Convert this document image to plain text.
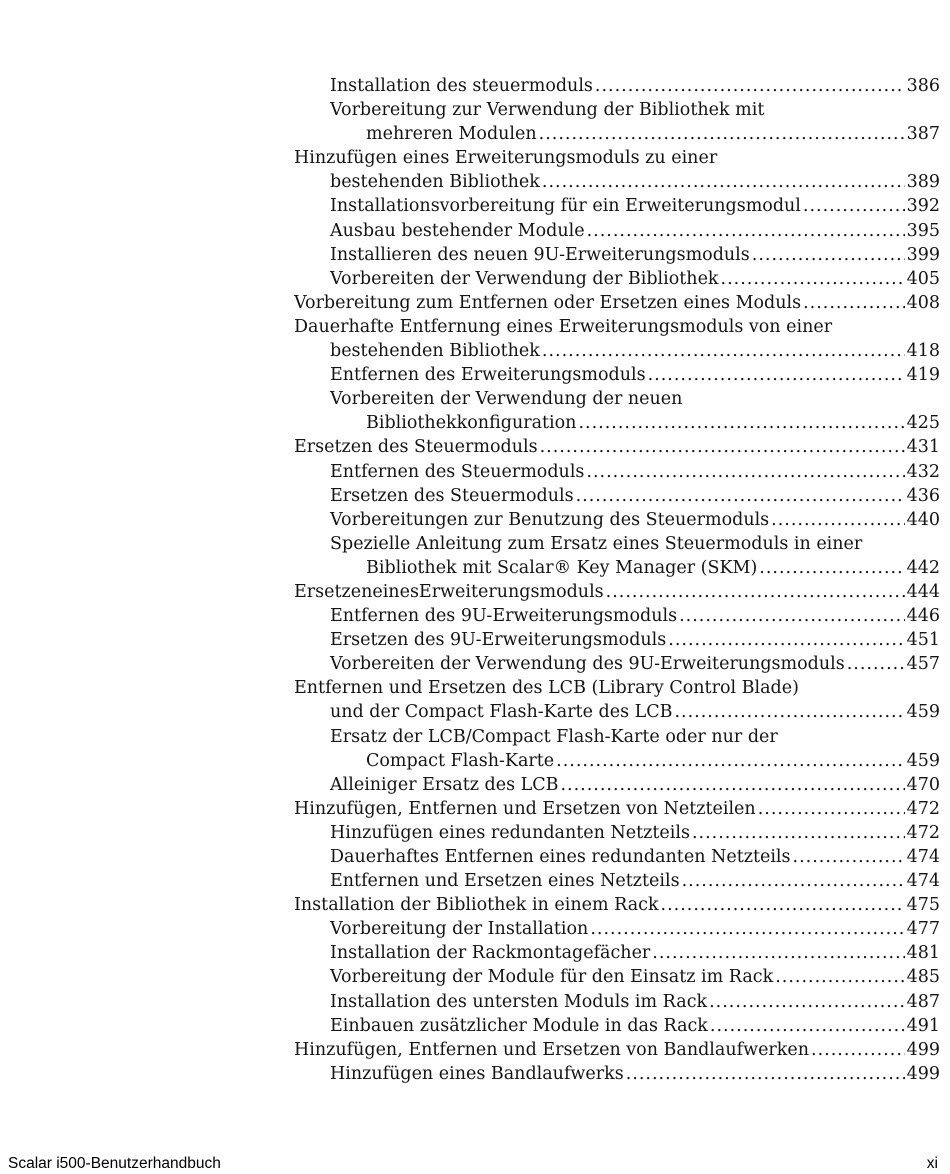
Installation des steuermoduls .....	386
Vorbereitung zur Verwendung der Bibliothek mit
mehreren Modulen .....	387
Hinzufügen eines Erweiterungsmoduls zu einer
bestehenden Bibliothek .....	389
Installationsvorbereitung für ein Erweiterungsmodul .....	392
Ausbau bestehender Module .....	395
Installieren des neuen 9U-Erweiterungsmoduls .....	399
Vorbereiten der Verwendung der Bibliothek .....	405
Vorbereitung zum Entfernen oder Ersetzen eines Moduls .....	408
Dauerhafte Entfernung eines Erweiterungsmoduls von einer
bestehenden Bibliothek .....	418
Entfernen des Erweiterungsmoduls .....	419
Vorbereiten der Verwendung der neuen
Bibliothekkonfiguration .....	425
Ersetzen des Steuermoduls .....	431
Entfernen des Steuermoduls .....	432
Ersetzen des Steuermoduls .....	436
Vorbereitungen zur Benutzung des Steuermoduls .....	440
Spezielle Anleitung zum Ersatz eines Steuermoduls in einer
Bibliothek mit Scalar® Key Manager (SKM) .....	442
ErsetzeneinesErweiterungsmoduls .....	444
Entfernen des 9U-Erweiterungsmoduls .....	446
Ersetzen des 9U-Erweiterungsmoduls .....	451
Vorbereiten der Verwendung des 9U-Erweiterungsmoduls .....	457
Entfernen und Ersetzen des LCB (Library Control Blade)
und der Compact Flash-Karte des LCB .....	459
Ersatz der LCB/Compact Flash-Karte oder nur der
Compact Flash-Karte .....	459
Alleiniger Ersatz des LCB .....	470
Hinzufügen, Entfernen und Ersetzen von Netzteilen .....	472
Hinzufügen eines redundanten Netzteils .....	472
Dauerhaftes Entfernen eines redundanten Netzteils .....	474
Entfernen und Ersetzen eines Netzteils .....	474
Installation der Bibliothek in einem Rack .....	475
Vorbereitung der Installation .....	477
Installation der Rackmontagefächer .....	481
Vorbereitung der Module für den Einsatz im Rack .....	485
Installation des untersten Moduls im Rack .....	487
Einbauen zusätzlicher Module in das Rack .....	491
Hinzufügen, Entfernen und Ersetzen von Bandlaufwerken .....	499
Hinzufügen eines Bandlaufwerks .....	499
Scalar i500-Benutzerhandbuch	xi
